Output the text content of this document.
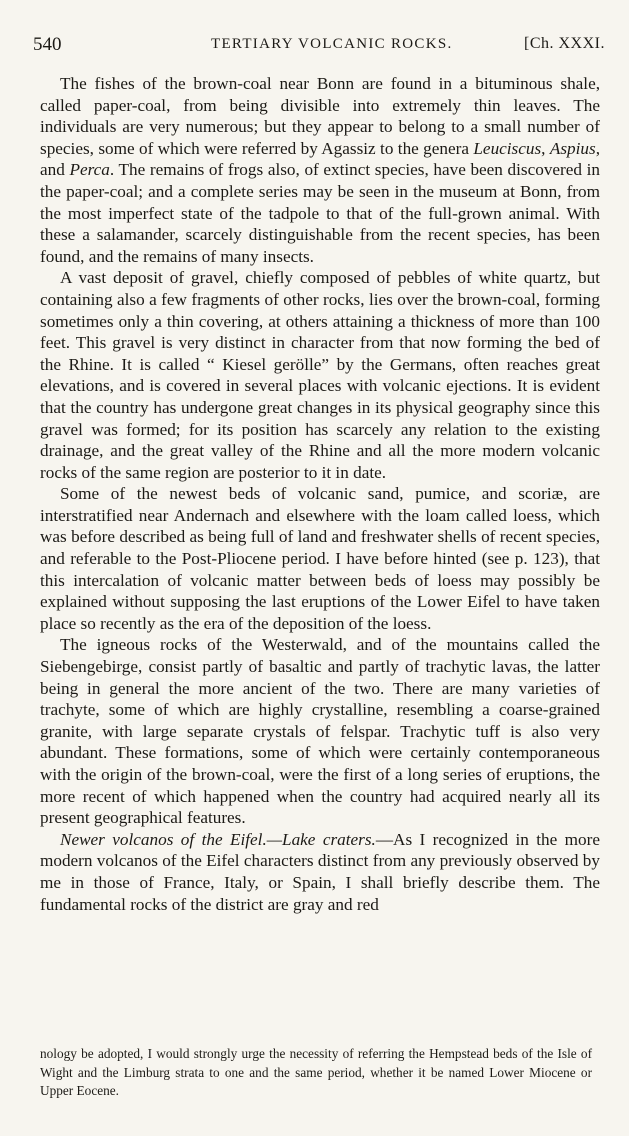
540	TERTIARY VOLCANIC ROCKS.	[Ch. XXXI.

The fishes of the brown-coal near Bonn are found in a bituminous shale, called paper-coal, from being divisible into extremely thin leaves. The individuals are very numerous; but they appear to belong to a small number of species, some of which were referred by Agassiz to the genera Leuciscus, Aspius, and Perca. The remains of frogs also, of extinct species, have been discovered in the paper-coal; and a complete series may be seen in the museum at Bonn, from the most imperfect state of the tadpole to that of the full-grown animal. With these a salamander, scarcely distinguishable from the recent species, has been found, and the remains of many insects.

A vast deposit of gravel, chiefly composed of pebbles of white quartz, but containing also a few fragments of other rocks, lies over the brown-coal, forming sometimes only a thin covering, at others attaining a thickness of more than 100 feet. This gravel is very distinct in character from that now forming the bed of the Rhine. It is called “ Kiesel gerölle” by the Germans, often reaches great elevations, and is covered in several places with volcanic ejections. It is evident that the country has undergone great changes in its physical geography since this gravel was formed; for its position has scarcely any relation to the existing drainage, and the great valley of the Rhine and all the more modern volcanic rocks of the same region are posterior to it in date.

Some of the newest beds of volcanic sand, pumice, and scoriæ, are interstratified near Andernach and elsewhere with the loam called loess, which was before described as being full of land and freshwater shells of recent species, and referable to the Post-Pliocene period. I have before hinted (see p. 123), that this intercalation of volcanic matter between beds of loess may possibly be explained without supposing the last eruptions of the Lower Eifel to have taken place so recently as the era of the deposition of the loess.

The igneous rocks of the Westerwald, and of the mountains called the Siebengebirge, consist partly of basaltic and partly of trachytic lavas, the latter being in general the more ancient of the two. There are many varieties of trachyte, some of which are highly crystalline, resembling a coarse-grained granite, with large separate crystals of felspar. Trachytic tuff is also very abundant. These formations, some of which were certainly contemporaneous with the origin of the brown-coal, were the first of a long series of eruptions, the more recent of which happened when the country had acquired nearly all its present geographical features.

Newer volcanos of the Eifel.—Lake craters.—As I recognized in the more modern volcanos of the Eifel characters distinct from any previously observed by me in those of France, Italy, or Spain, I shall briefly describe them. The fundamental rocks of the district are gray and red

nology be adopted, I would strongly urge the necessity of referring the Hempstead beds of the Isle of Wight and the Limburg strata to one and the same period, whether it be named Lower Miocene or Upper Eocene.
